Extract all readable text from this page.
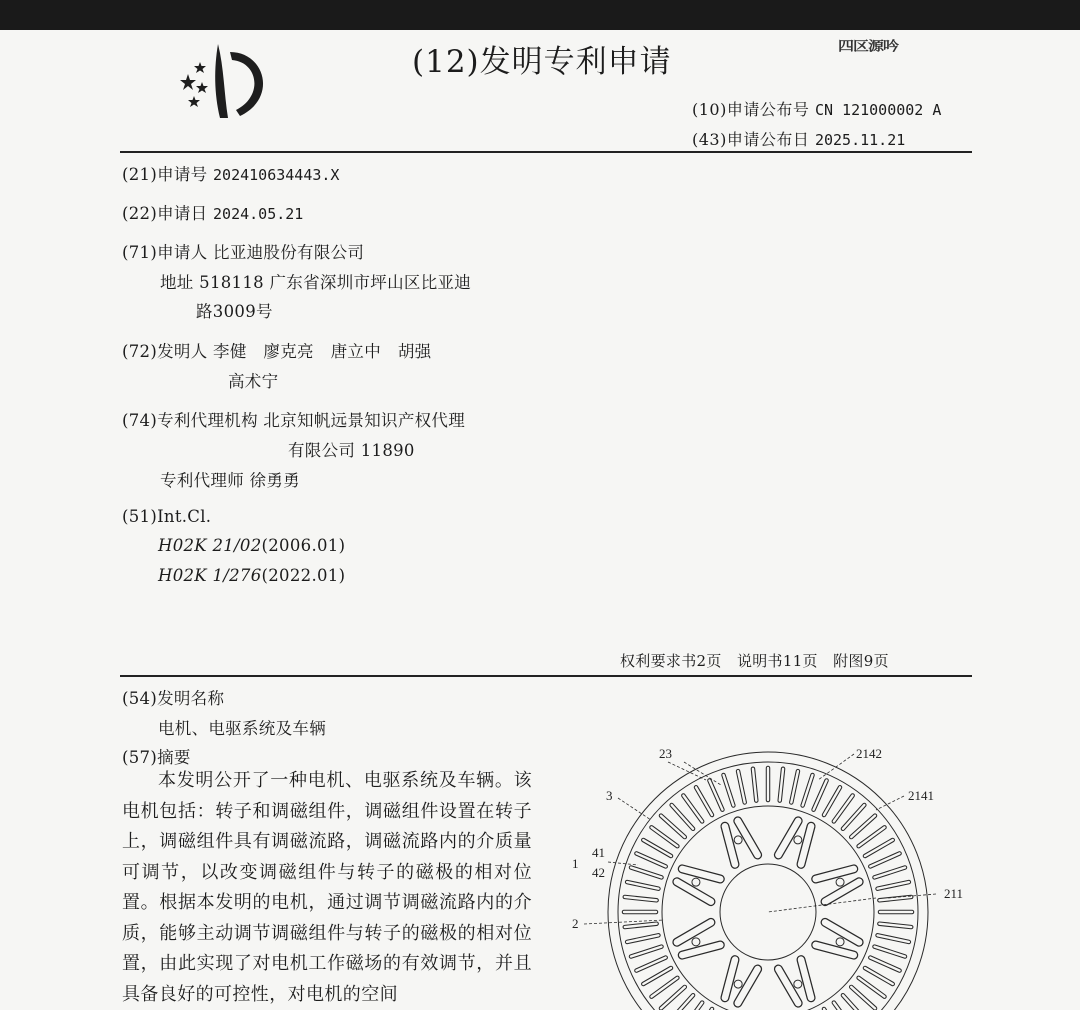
(12)发明专利申请	四区源吟
(10)申请公布号 CN 121000002 A
(43)申请公布日 2025.11.21
(21)申请号 202410634443.X
(22)申请日 2024.05.21
(71)申请人 比亚迪股份有限公司
地址 518118 广东省深圳市坪山区比亚迪
路3009号
(72)发明人 李健　廖克亮　唐立中　胡强
高术宁
(74)专利代理机构 北京知帆远景知识产权代理
有限公司 11890
专利代理师 徐勇勇
(51)Int.Cl.
H02K 21/02(2006.01)
H02K 1/276(2022.01)
权利要求书2页　说明书11页　附图9页
(54)发明名称
电机、电驱系统及车辆
(57)摘要

本发明公开了一种电机、电驱系统及车辆。该电机包括：转子和调磁组件，调磁组件设置在转子上，调磁组件具有调磁流路，调磁流路内的介质量可调节，以改变调磁组件与转子的磁极的相对位置。根据本发明的电机，通过调节调磁流路内的介质，能够主动调节调磁组件与转子的磁极的相对位置，由此实现了对电机工作磁场的有效调节，并且具备良好的可控性，对电机的空间

23	2142
3	2141
41
42
1
211
2
